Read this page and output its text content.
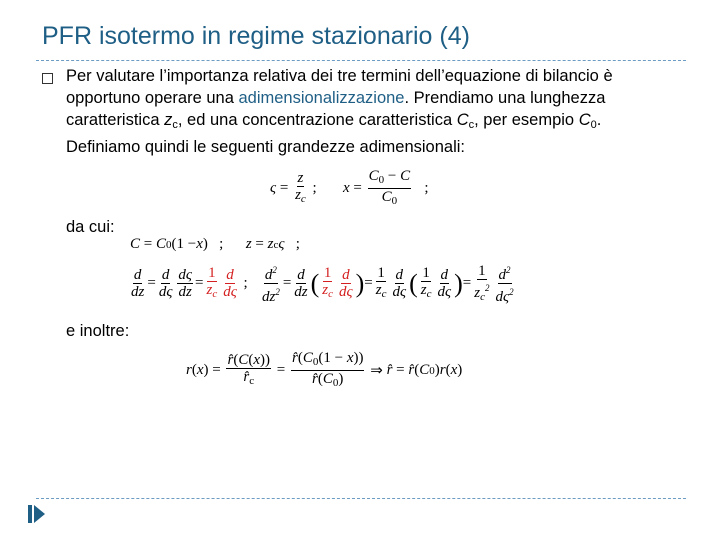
PFR isotermo in regime stazionario (4)
Per valutare l’importanza relativa dei tre termini dell’equazione di bilancio è opportuno operare una adimensionalizzazione. Prendiamo una lunghezza caratteristica $z_c$, ed una concentrazione caratteristica $C_c$, per esempio $C_0$. Definiamo quindi le seguenti grandezze adimensionali:
$\varsigma = \frac{z}{z_c}$ ; $x = \frac{C_0 - C}{C_0}$ ;
da cui:
C = C 0 (1 − x )   ; z = z c ς ;
$\frac{d}{dz} = \frac{d}{d\varsigma} \frac{d\varsigma}{dz} = \frac{1}{z_c} \frac{d}{d\varsigma}$ ; $\frac{d^2}{dz^2} = \frac{d}{dz}$ ( $\frac{1}{z_c} \frac{d}{d\varsigma}$ ) = $\frac{1}{z_c} \frac{d}{d\varsigma}$ ( $\frac{1}{z_c} \frac{d}{d\varsigma}$ ) = $\frac{1}{z_c^2} \frac{d^2}{d\varsigma^2}$
e inoltre:
r ( x ) = $\frac{r̂(C(x))}{r̂_c} = \frac{r̂(C_0(1 - x))}{r̂(C_0)}$ ⇒ r̂ = r̂ ( C 0 ) r ( x )
